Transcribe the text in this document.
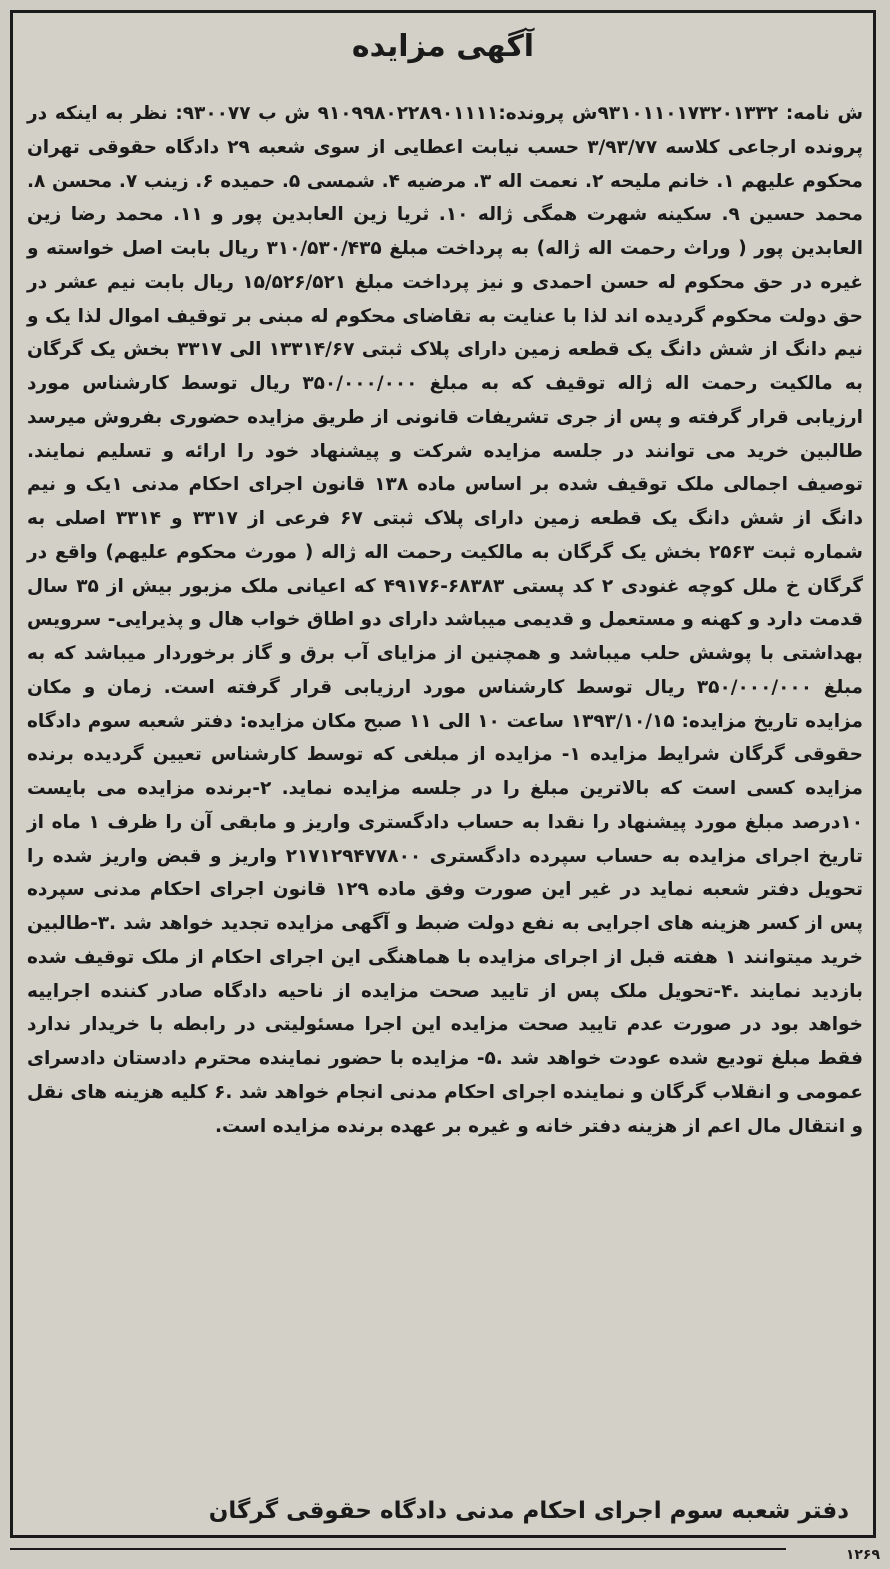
آگهی مزایده
ش نامه: ۹۳۱۰۱۱۰۱۷۳۲۰۱۳۳۲ش پرونده:۹۱۰۹۹۸۰۲۲۸۹۰۱۱۱۱ ش ب ۹۳۰۰۷۷: نظر به اینکه در پرونده ارجاعی کلاسه ۳/۹۳/۷۷ حسب نیابت اعطایی از سوی شعبه ۲۹ دادگاه حقوقی تهران محکوم علیهم ۱. خانم ملیحه ۲. نعمت اله ۳. مرضیه ۴. شمسی ۵. حمیده ۶. زینب ۷. محسن ۸. محمد حسین ۹. سکینه شهرت همگی ژاله ۱۰. ثریا زین العابدین پور و ۱۱. محمد رضا زین العابدین پور ( وراث رحمت اله ژاله) به پرداخت مبلغ ۳۱۰/۵۳۰/۴۳۵ ریال بابت اصل خواسته و غیره در حق محکوم له حسن احمدی و نیز پرداخت مبلغ ۱۵/۵۲۶/۵۲۱ ریال بابت نیم عشر در حق دولت محکوم گردیده اند لذا با عنایت به تقاضای محکوم له مبنی بر توقیف اموال لذا یک و نیم دانگ از شش دانگ یک قطعه زمین دارای پلاک ثبتی ۱۳۳۱۴/۶۷ الی ۳۳۱۷ بخش یک گرگان به مالکیت رحمت اله ژاله توقیف که به مبلغ ۳۵۰/۰۰۰/۰۰۰ ریال توسط کارشناس مورد ارزیابی قرار گرفته و پس از جری تشریفات قانونی از طریق مزایده حضوری بفروش میرسد طالبین خرید می توانند در جلسه مزایده شرکت و پیشنهاد خود را ارائه و تسلیم نمایند. توصیف اجمالی ملک توقیف شده بر اساس ماده ۱۳۸ قانون اجرای احکام مدنی ۱یک و نیم دانگ از شش دانگ یک قطعه زمین دارای پلاک ثبتی ۶۷ فرعی از ۳۳۱۷ و ۳۳۱۴ اصلی به شماره ثبت ۲۵۶۳ بخش یک گرگان به مالکیت رحمت اله ژاله ( مورث محکوم علیهم) واقع در گرگان خ ملل کوچه غنودی ۲ کد پستی ۶۸۳۸۳-۴۹۱۷۶ که اعیانی ملک مزبور بیش از ۳۵ سال قدمت دارد و کهنه و مستعمل و قدیمی میباشد دارای دو اطاق خواب هال و پذیرایی- سرویس بهداشتی با پوشش حلب میباشد و همچنین از مزایای آب برق و گاز برخوردار میباشد که به مبلغ ۳۵۰/۰۰۰/۰۰۰ ریال توسط کارشناس مورد ارزیابی قرار گرفته است. زمان و مکان مزایده تاریخ مزایده: ۱۳۹۳/۱۰/۱۵ ساعت ۱۰ الی ۱۱ صبح مکان مزایده: دفتر شعبه سوم دادگاه حقوقی گرگان شرایط مزایده ۱- مزایده از مبلغی که توسط کارشناس تعیین گردیده برنده مزایده کسی است که بالاترین مبلغ را در جلسه مزایده نماید. ۲-برنده مزایده می بایست ۱۰درصد مبلغ مورد پیشنهاد را نقدا به حساب دادگستری واریز و مابقی آن را ظرف ۱ ماه از تاریخ اجرای مزایده به حساب سپرده دادگستری ۲۱۷۱۲۹۴۷۷۸۰۰ واریز و قبض واریز شده را تحویل دفتر شعبه نماید در غیر این صورت وفق ماده ۱۲۹ قانون اجرای احکام مدنی سپرده پس از کسر هزینه های اجرایی به نفع دولت ضبط و آگهی مزایده تجدید خواهد شد .۳-طالبین خرید میتوانند ۱ هفته قبل از اجرای مزایده با هماهنگی این اجرای احکام از ملک توقیف شده بازدید نمایند .۴-تحویل ملک پس از تایید صحت مزایده از ناحیه دادگاه صادر کننده اجراییه خواهد بود در صورت عدم تایید صحت مزایده این اجرا مسئولیتی در رابطه با خریدار ندارد فقط مبلغ تودیع شده عودت خواهد شد .۵- مزایده با حضور نماینده محترم دادستان دادسرای عمومی و انقلاب گرگان و نماینده اجرای احکام مدنی انجام خواهد شد .۶ کلیه هزینه های نقل و انتقال مال اعم از هزینه دفتر خانه و غیره بر عهده برنده مزایده است.
دفتر شعبه سوم اجرای احکام مدنی دادگاه حقوقی گرگان
۱۲۶۹
